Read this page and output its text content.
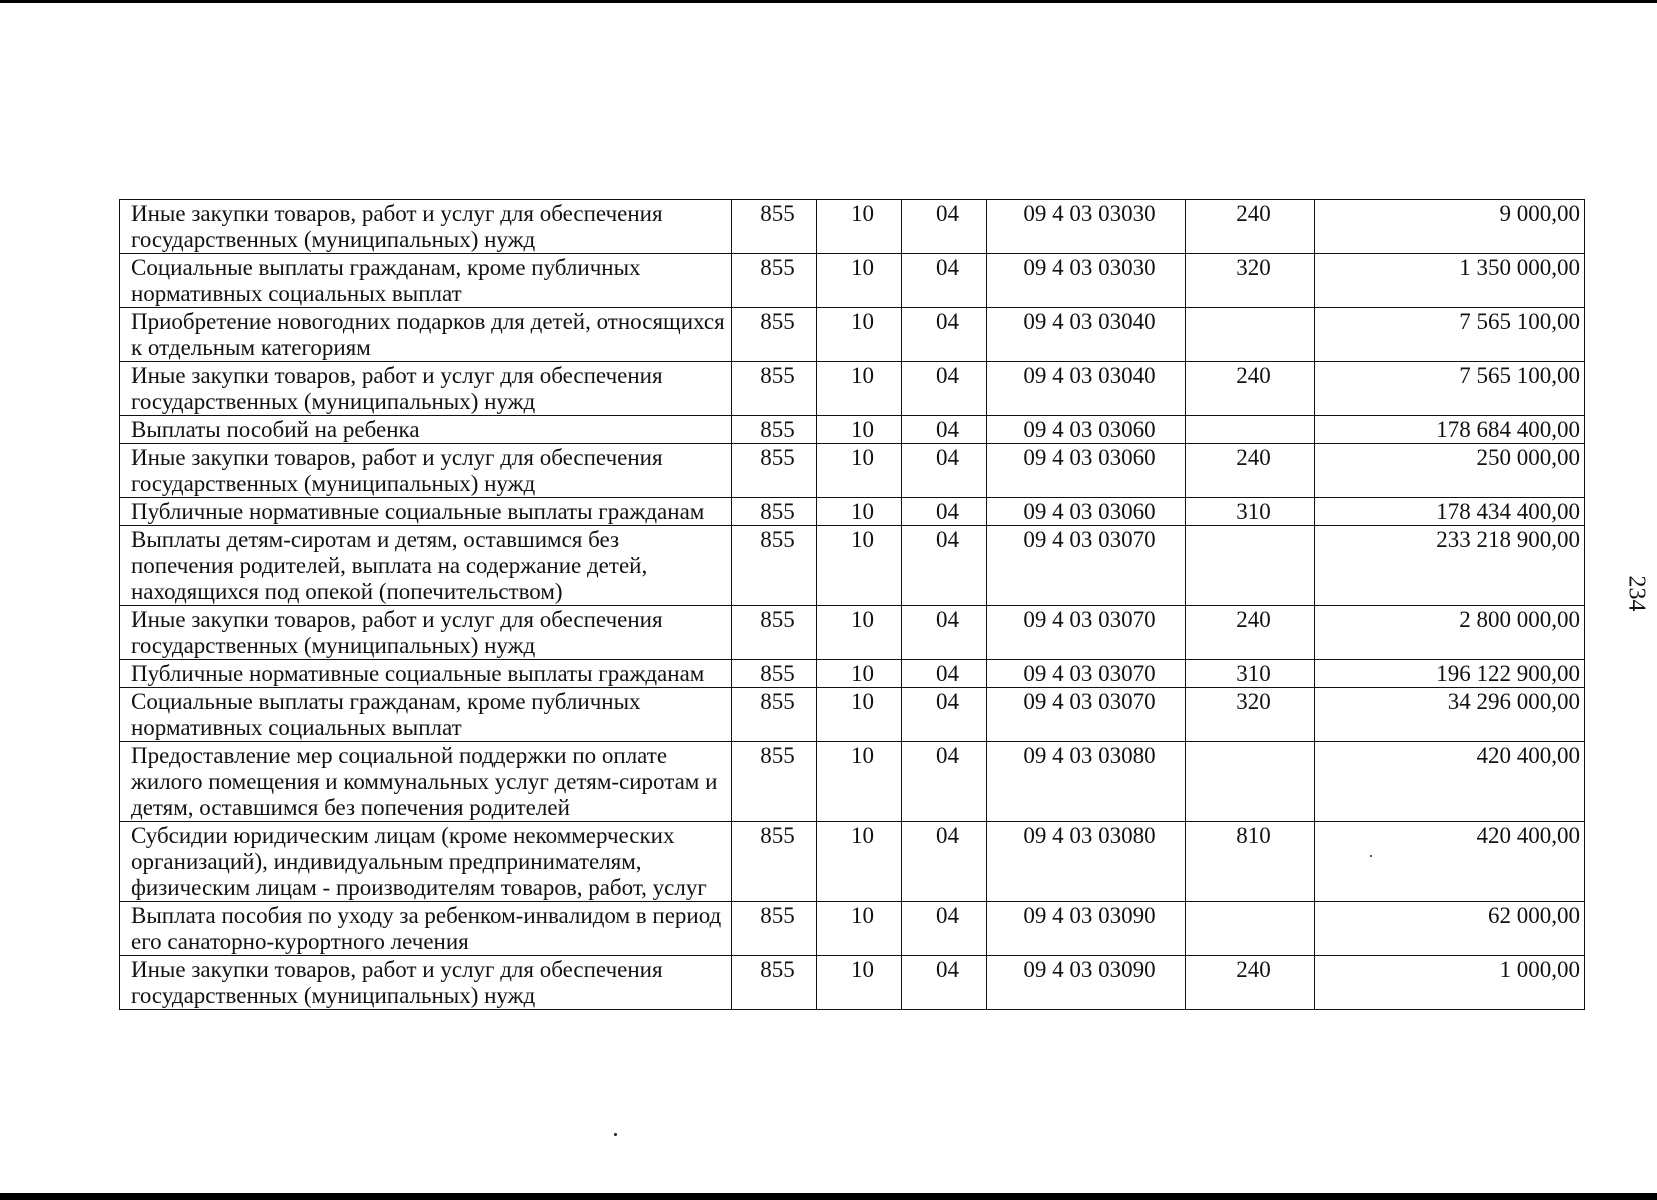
Иные закупки товаров, работ и услуг для обеспечения государственных (муниципальных) нужд	855	10	04	09 4 03 03030	240	9 000,00
Социальные выплаты гражданам, кроме публичных нормативных социальных выплат	855	10	04	09 4 03 03030	320	1 350 000,00
Приобретение новогодних подарков для детей, относящихся к отдельным категориям	855	10	04	09 4 03 03040		7 565 100,00
Иные закупки товаров, работ и услуг для обеспечения государственных (муниципальных) нужд	855	10	04	09 4 03 03040	240	7 565 100,00
Выплаты пособий на ребенка	855	10	04	09 4 03 03060		178 684 400,00
Иные закупки товаров, работ и услуг для обеспечения государственных (муниципальных) нужд	855	10	04	09 4 03 03060	240	250 000,00
Публичные нормативные социальные выплаты гражданам	855	10	04	09 4 03 03060	310	178 434 400,00
Выплаты детям-сиротам и детям, оставшимся без попечения родителей, выплата на содержание детей, находящихся под опекой (попечительством)	855	10	04	09 4 03 03070		233 218 900,00
Иные закупки товаров, работ и услуг для обеспечения государственных (муниципальных) нужд	855	10	04	09 4 03 03070	240	2 800 000,00
Публичные нормативные социальные выплаты гражданам	855	10	04	09 4 03 03070	310	196 122 900,00
Социальные выплаты гражданам, кроме публичных нормативных социальных выплат	855	10	04	09 4 03 03070	320	34 296 000,00
Предоставление мер социальной поддержки по оплате жилого помещения и коммунальных услуг детям-сиротам и детям, оставшимся без попечения родителей	855	10	04	09 4 03 03080		420 400,00
Субсидии юридическим лицам (кроме некоммерческих организаций), индивидуальным предпринимателям, физическим лицам - производителям товаров, работ, услуг	855	10	04	09 4 03 03080	810	420 400,00
Выплата пособия по уходу за ребенком-инвалидом в период его санаторно-курортного лечения	855	10	04	09 4 03 03090		62 000,00
Иные закупки товаров, работ и услуг для обеспечения государственных (муниципальных) нужд	855	10	04	09 4 03 03090	240	1 000,00
234
